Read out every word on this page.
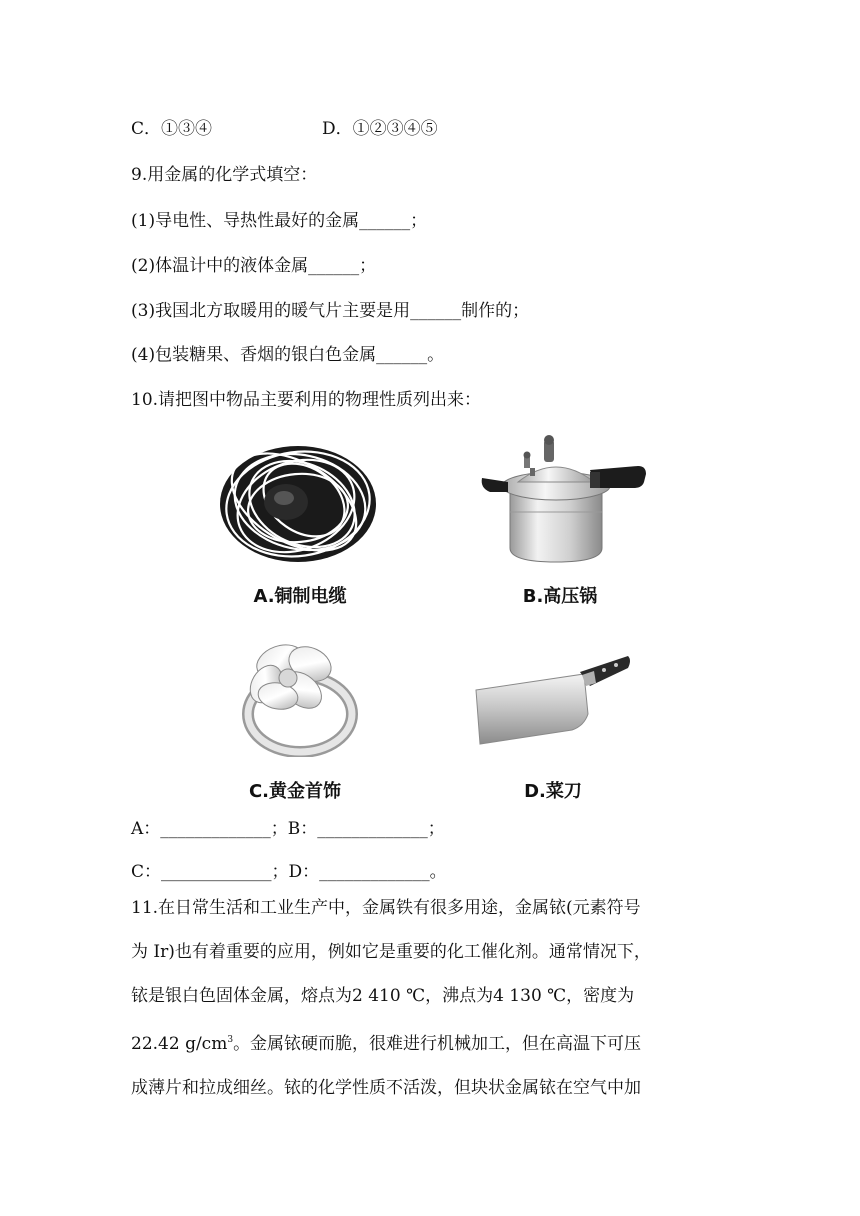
C．①③④	D．①②③④⑤
9.用金属的化学式填空：
(1)导电性、导热性最好的金属______；
(2)体温计中的液体金属______；
(3)我国北方取暖用的暖气片主要是用______制作的；
(4)包装糖果、香烟的银白色金属______。
10.请把图中物品主要利用的物理性质列出来：
A.铜制电缆	B.高压锅
C.黄金首饰	D.菜刀
A：_____________；B：_____________；
C：_____________；D：_____________。
11.在日常生活和工业生产中，金属铁有很多用途，金属铱(元素符号
为 Ir)也有着重要的应用，例如它是重要的化工催化剂。通常情况下，
铱是银白色固体金属，熔点为2 410 ℃，沸点为4 130 ℃，密度为
22.42 $g/cm^3$。金属铱硬而脆，很难进行机械加工，但在高温下可压
成薄片和拉成细丝。铱的化学性质不活泼，但块状金属铱在空气中加
